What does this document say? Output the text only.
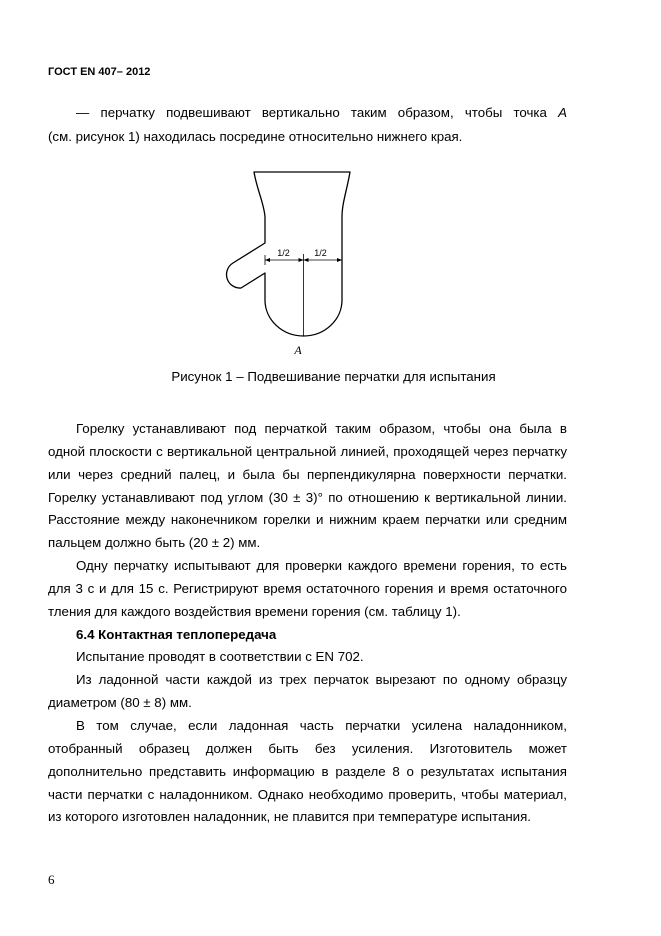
ГОСТ EN 407– 2012
— перчатку подвешивают вертикально таким образом, чтобы точка A
(см. рисунок 1) находилась посредине относительно нижнего края.
1/2	1/2
A
Рисунок 1 – Подвешивание перчатки для испытания
Горелку устанавливают под перчаткой таким образом, чтобы она была в
одной плоскости с вертикальной центральной линией, проходящей через перчатку
или через средний палец, и была бы перпендикулярна поверхности перчатки.
Горелку устанавливают под углом (30 ± 3)° по отношению к вертикальной линии.
Расстояние между наконечником горелки и нижним краем перчатки или средним
пальцем должно быть (20 ± 2) мм.
Одну перчатку испытывают для проверки каждого времени горения, то есть
для 3 с и для 15 с. Регистрируют время остаточного горения и время остаточного
тления для каждого воздействия времени горения (см. таблицу 1).
6.4 Контактная теплопередача
Испытание проводят в соответствии с EN 702.
Из ладонной части каждой из трех перчаток вырезают по одному образцу
диаметром (80 ± 8) мм.
В том случае, если ладонная часть перчатки усилена наладонником,
отобранный образец должен быть без усиления. Изготовитель может
дополнительно представить информацию в разделе 8 о результатах испытания
части перчатки с наладонником. Однако необходимо проверить, чтобы материал,
из которого изготовлен наладонник, не плавится при температуре испытания.
6
